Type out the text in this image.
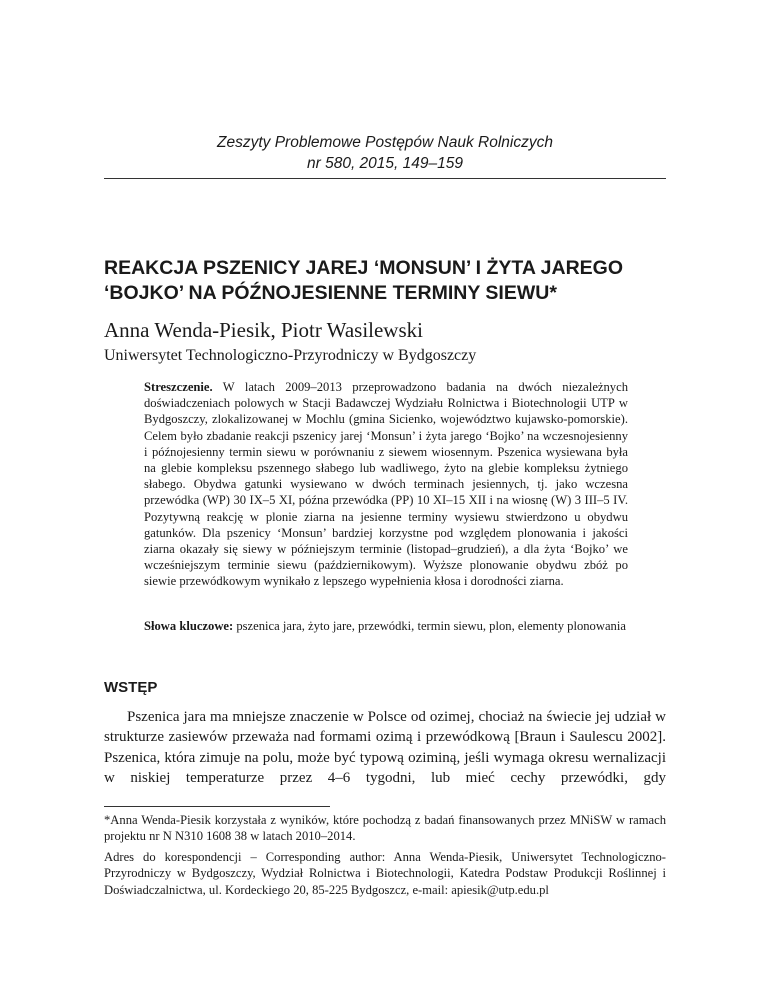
Zeszyty Problemowe Postępów Nauk Rolniczych
nr 580, 2015, 149–159
REAKCJA PSZENICY JAREJ ‘MONSUN’ I ŻYTA JAREGO
‘BOJKO’ NA PÓŹNOJESIENNE TERMINY SIEWU*
Anna Wenda-Piesik, Piotr Wasilewski
Uniwersytet Technologiczno-Przyrodniczy w Bydgoszczy
Streszczenie. W latach 2009–2013 przeprowadzono badania na dwóch niezależnych doświadczeniach polowych w Stacji Badawczej Wydziału Rolnictwa i Biotechnologii UTP w Bydgoszczy, zlokalizowanej w Mochlu (gmina Sicienko, województwo kujawsko-pomorskie). Celem było zbadanie reakcji pszenicy jarej ‘Monsun’ i żyta jarego ‘Bojko’ na wczesnojesienny i późnojesienny termin siewu w porównaniu z siewem wiosennym. Pszenica wysiewana była na glebie kompleksu pszennego słabego lub wadliwego, żyto na glebie kompleksu żytniego słabego. Obydwa gatunki wysiewano w dwóch terminach jesiennych, tj. jako wczesna przewódka (WP) 30 IX–5 XI, późna przewódka (PP) 10 XI–15 XII i na wiosnę (W) 3 III–5 IV. Pozytywną reakcję w plonie ziarna na jesienne terminy wysiewu stwierdzono u obydwu gatunków. Dla pszenicy ‘Monsun’ bardziej korzystne pod względem plonowania i jakości ziarna okazały się siewy w późniejszym terminie (listopad–grudzień), a dla żyta ‘Bojko’ we wcześniejszym terminie siewu (październikowym). Wyższe plonowanie obydwu zbóż po siewie przewódkowym wynikało z lepszego wypełnienia kłosa i dorodności ziarna.
Słowa kluczowe: pszenica jara, żyto jare, przewódki, termin siewu, plon, elementy plonowania
WSTĘP
Pszenica jara ma mniejsze znaczenie w Polsce od ozimej, chociaż na świecie jej udział w strukturze zasiewów przeważa nad formami ozimą i przewódkową [Braun i Saulescu 2002]. Pszenica, która zimuje na polu, może być typową oziminą, jeśli wymaga okresu wernalizacji w niskiej temperaturze przez 4–6 tygodni, lub mieć cechy przewódki, gdy
*Anna Wenda-Piesik korzystała z wyników, które pochodzą z badań finansowanych przez MNiSW w ramach projektu nr N N310 1608 38 w latach 2010–2014.
Adres do korespondencji – Corresponding author: Anna Wenda-Piesik, Uniwersytet Technologiczno-Przyrodniczy w Bydgoszczy, Wydział Rolnictwa i Biotechnologii, Katedra Podstaw Produkcji Roślinnej i Doświadczalnictwa, ul. Kordeckiego 20, 85-225 Bydgoszcz, e-mail: apiesik@utp.edu.pl
